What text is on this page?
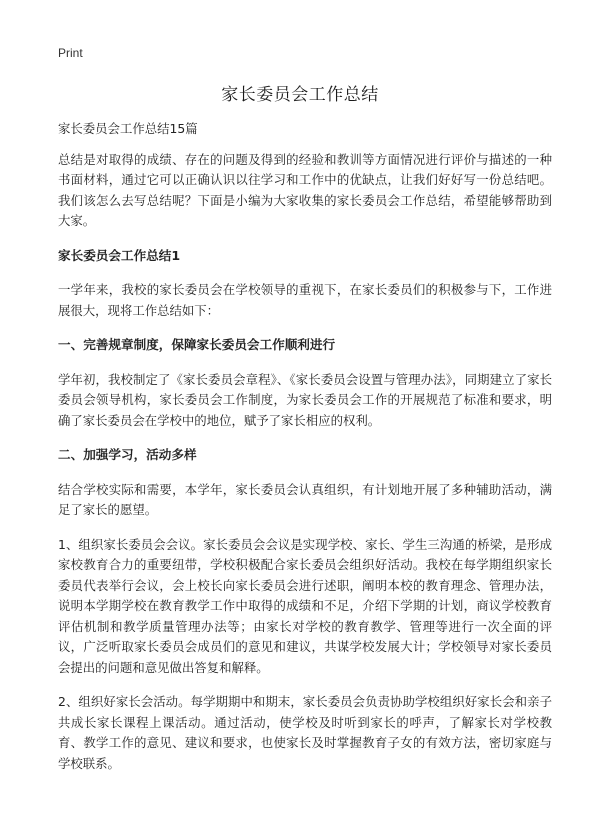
Print
家长委员会工作总结

家长委员会工作总结15篇

总结是对取得的成绩、存在的问题及得到的经验和教训等方面情况进行评价与描述的一种书面材料，通过它可以正确认识以往学习和工作中的优缺点，让我们好好写一份总结吧。我们该怎么去写总结呢？下面是小编为大家收集的家长委员会工作总结，希望能够帮助到大家。

家长委员会工作总结1

一学年来，我校的家长委员会在学校领导的重视下，在家长委员们的积极参与下，工作进展很大，现将工作总结如下：

一、完善规章制度，保障家长委员会工作顺利进行

学年初，我校制定了《家长委员会章程》、《家长委员会设置与管理办法》，同期建立了家长委员会领导机构，家长委员会工作制度，为家长委员会工作的开展规范了标准和要求，明确了家长委员会在学校中的地位，赋予了家长相应的权利。

二、加强学习，活动多样

结合学校实际和需要，本学年，家长委员会认真组织，有计划地开展了多种辅助活动，满足了家长的愿望。

1、组织家长委员会会议。家长委员会会议是实现学校、家长、学生三沟通的桥梁，是形成家校教育合力的重要纽带，学校积极配合家长委员会组织好活动。我校在每学期组织家长委员代表举行会议，会上校长向家长委员会进行述职，阐明本校的教育理念、管理办法，说明本学期学校在教育教学工作中取得的成绩和不足，介绍下学期的计划，商议学校教育评估机制和教学质量管理办法等；由家长对学校的教育教学、管理等进行一次全面的评议，广泛听取家长委员会成员们的意见和建议，共谋学校发展大计；学校领导对家长委员会提出的问题和意见做出答复和解释。

2、组织好家长会活动。每学期期中和期末，家长委员会负责协助学校组织好家长会和亲子共成长家长课程上课活动。通过活动，使学校及时听到家长的呼声，了解家长对学校教育、教学工作的意见、建议和要求，也使家长及时掌握教育子女的有效方法，密切家庭与学校联系。
